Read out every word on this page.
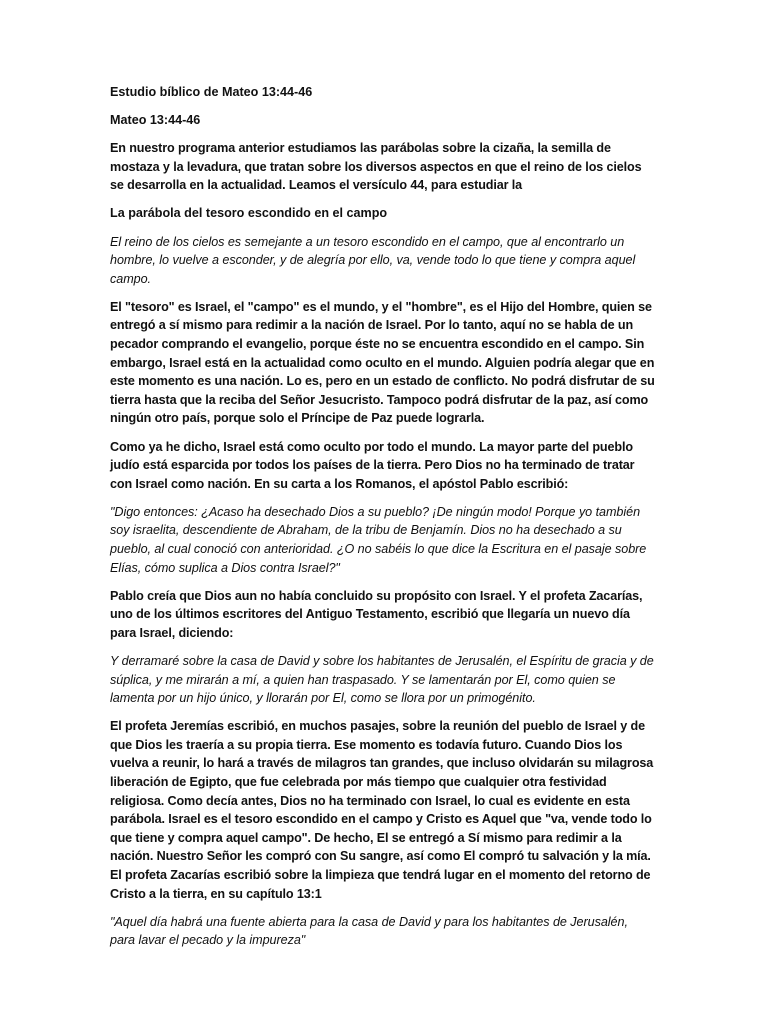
Estudio bíblico de Mateo 13:44-46

Mateo 13:44-46

En nuestro programa anterior estudiamos las parábolas sobre la cizaña, la semilla de mostaza y la levadura, que tratan sobre los diversos aspectos en que el reino de los cielos se desarrolla en la actualidad. Leamos el versículo 44, para estudiar la

La parábola del tesoro escondido en el campo

El reino de los cielos es semejante a un tesoro escondido en el campo, que al encontrarlo un hombre, lo vuelve a esconder, y de alegría por ello, va, vende todo lo que tiene y compra aquel campo.

El "tesoro" es Israel, el "campo" es el mundo, y el "hombre", es el Hijo del Hombre, quien se entregó a sí mismo para redimir a la nación de Israel. Por lo tanto, aquí no se habla de un pecador comprando el evangelio, porque éste no se encuentra escondido en el campo. Sin embargo, Israel está en la actualidad como oculto en el mundo. Alguien podría alegar que en este momento es una nación. Lo es, pero en un estado de conflicto. No podrá disfrutar de su tierra hasta que la reciba del Señor Jesucristo. Tampoco podrá disfrutar de la paz, así como ningún otro país, porque solo el Príncipe de Paz puede lograrla.

Como ya he dicho, Israel está como oculto por todo el mundo. La mayor parte del pueblo judío está esparcida por todos los países de la tierra. Pero Dios no ha terminado de tratar con Israel como nación. En su carta a los Romanos, el apóstol Pablo escribió:

"Digo entonces: ¿Acaso ha desechado Dios a su pueblo? ¡De ningún modo! Porque yo también soy israelita, descendiente de Abraham, de la tribu de Benjamín. Dios no ha desechado a su pueblo, al cual conoció con anterioridad. ¿O no sabéis lo que dice la Escritura en el pasaje sobre Elías, cómo suplica a Dios contra Israel?"

Pablo creía que Dios aun no había concluido su propósito con Israel. Y el profeta Zacarías, uno de los últimos escritores del Antiguo Testamento, escribió que llegaría un nuevo día para Israel, diciendo:

Y derramaré sobre la casa de David y sobre los habitantes de Jerusalén, el Espíritu de gracia y de súplica, y me mirarán a mí, a quien han traspasado. Y se lamentarán por El, como quien se lamenta por un hijo único, y llorarán por El, como se llora por un primogénito.

El profeta Jeremías escribió, en muchos pasajes, sobre la reunión del pueblo de Israel y de que Dios les traería a su propia tierra. Ese momento es todavía futuro. Cuando Dios los vuelva a reunir, lo hará a través de milagros tan grandes, que incluso olvidarán su milagrosa liberación de Egipto, que fue celebrada por más tiempo que cualquier otra festividad religiosa. Como decía antes, Dios no ha terminado con Israel, lo cual es evidente en esta parábola. Israel es el tesoro escondido en el campo y Cristo es Aquel que "va, vende todo lo que tiene y compra aquel campo". De hecho, El se entregó a Sí mismo para redimir a la nación. Nuestro Señor les compró con Su sangre, así como El compró tu salvación y la mía. El profeta Zacarías escribió sobre la limpieza que tendrá lugar en el momento del retorno de Cristo a la tierra, en su capítulo 13:1

"Aquel día habrá una fuente abierta para la casa de David y para los habitantes de Jerusalén, para lavar el pecado y la impureza"
